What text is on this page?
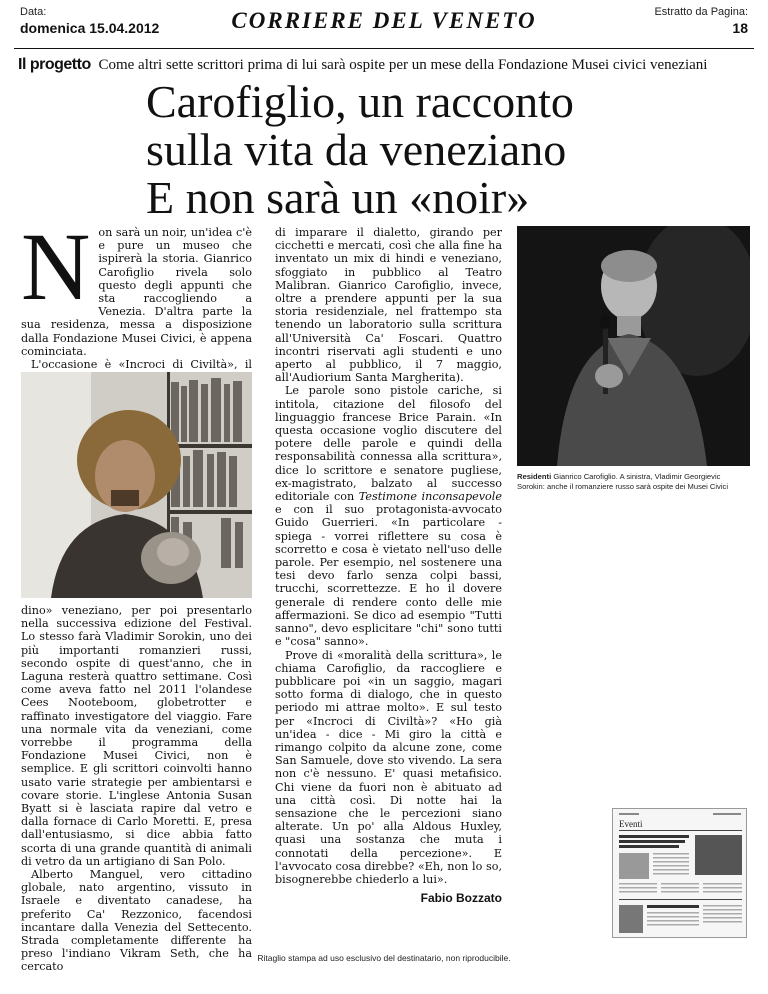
Data:
domenica 15.04.2012	CORRIERE DEL VENETO	Estratto da Pagina:
18
Il progetto Come altri sette scrittori prima di lui sarà ospite per un mese della Fondazione Musei civici veneziani
Carofiglio, un racconto
sulla vita da veneziano
E non sarà un «noir»
N on sarà un noir, un'idea c'è e pure un museo che ispirerà la storia. Gianrico Carofiglio rivela solo questo degli appunti che sta raccogliendo a Venezia. D'altra parte la sua residenza, messa a disposizione dalla Fondazione Musei Civici, è appena cominciata.

L'occasione è «Incroci di Civiltà», il

dino» veneziano, per poi presentarlo nella successiva edizione del Festival. Lo stesso farà Vladimir Sorokin, uno dei più importanti romanzieri russi, secondo ospite di quest'anno, che in Laguna resterà quattro settimane. Così come aveva fatto nel 2011 l'olandese Cees Nooteboom, globetrotter e raffinato investigatore del viaggio. Fare una normale vita da veneziani, come vorrebbe il programma della Fondazione Musei Civici, non è semplice. E gli scrittori coinvolti hanno usato varie strategie per ambientarsi e covare storie. L'inglese Antonia Susan Byatt si è lasciata rapire dal vetro e dalla fornace di Carlo Moretti. E, presa dall'entusiasmo, si dice abbia fatto scorta di una grande quantità di animali di vetro da un artigiano di San Polo.

Alberto Manguel, vero cittadino globale, nato argentino, vissuto in Israele e diventato canadese, ha preferito Ca' Rezzonico, facendosi incantare dalla Venezia del Settecento. Strada completamente differente ha preso l'indiano Vikram Seth, che ha cercato

di imparare il dialetto, girando per cicchetti e mercati, così che alla fine ha inventato un mix di hindi e veneziano, sfoggiato in pubblico al Teatro Malibran. Gianrico Carofiglio, invece, oltre a prendere appunti per la sua storia residenziale, nel frattempo sta tenendo un laboratorio sulla scrittura all'Università Ca' Foscari. Quattro incontri riservati agli studenti e uno aperto al pubblico, il 7 maggio, all'Audiorium Santa Margherita).

Le parole sono pistole cariche, si intitola, citazione del filosofo del linguaggio francese Brice Parain. «In questa occasione voglio discutere del potere delle parole e quindi della responsabilità connessa alla scrittura», dice lo scrittore e senatore pugliese, ex-magistrato, balzato al successo editoriale con Testimone inconsapevole e con il suo protagonista-avvocato Guido Guerrieri. «In particolare - spiega - vorrei riflettere su cosa è scorretto e cosa è vietato nell'uso delle parole. Per esempio, nel sostenere una tesi devo farlo senza colpi bassi, trucchi, scorrettezze. E ho il dovere generale di rendere conto delle mie affermazioni. Se dico ad esempio "Tutti sanno", devo esplicitare "chi" sono tutti e "cosa" sanno».

Prove di «moralità della scrittura», le chiama Carofiglio, da raccogliere e pubblicare poi «in un saggio, magari sotto forma di dialogo, che in questo periodo mi attrae molto». E sul testo per «Incroci di Civiltà»? «Ho già un'idea - dice - Mi giro la città e rimango colpito da alcune zone, come San Samuele, dove sto vivendo. La sera non c'è nessuno. E' quasi metafisico. Chi viene da fuori non è abituato ad una città così. Di notte hai la sensazione che le percezioni siano alterate. Un po' alla Aldous Huxley, quasi una sostanza che muta i connotati della percezione». E l'avvocato cosa direbbe? «Eh, non lo so, bisognerebbe chiederlo a lui».

Fabio Bozzato
Residenti Gianrico Carofiglio. A sinistra, Vladimir Georgievic Sorokin: anche il romanziere russo sarà ospite dei Musei Civici
Eventi
Ritaglio stampa ad uso esclusivo del destinatario, non riproducibile.
